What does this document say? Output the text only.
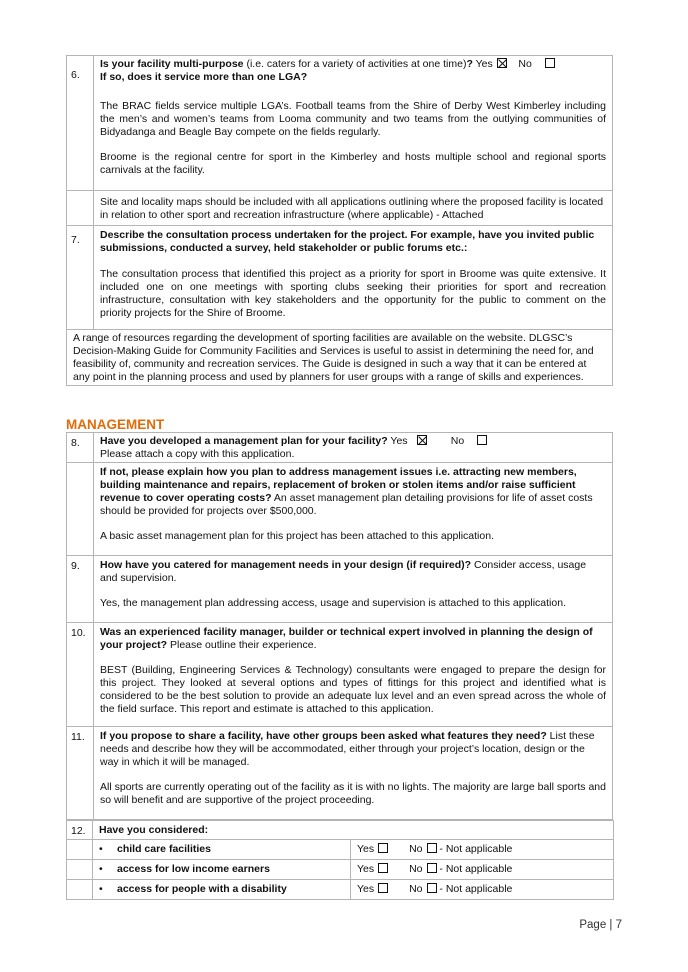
6.	Is your facility multi-purpose (i.e. caters for a variety of activities at one time)? Yes No

If so, does it service more than one LGA?

The BRAC fields service multiple LGA’s. Football teams from the Shire of Derby West Kimberley including the men’s and women’s teams from Looma community and two teams from the outlying communities of Bidyadanga and Beagle Bay compete on the fields regularly.

Broome is the regional centre for sport in the Kimberley and hosts multiple school and regional sports carnivals at the facility.

	Site and locality maps should be included with all applications outlining where the proposed facility is located in relation to other sport and recreation infrastructure (where applicable) - Attached

7.	Describe the consultation process undertaken for the project. For example, have you invited public submissions, conducted a survey, held stakeholder or public forums etc.:

The consultation process that identified this project as a priority for sport in Broome was quite extensive. It included one on one meetings with sporting clubs seeking their priorities for sport and recreation infrastructure, consultation with key stakeholders and the opportunity for the public to comment on the priority projects for the Shire of Broome.

A range of resources regarding the development of sporting facilities are available on the website. DLGSC’s Decision-Making Guide for Community Facilities and Services is useful to assist in determining the need for, and feasibility of, community and recreation services. The Guide is designed in such a way that it can be entered at any point in the planning process and used by planners for user groups with a range of skills and experiences.	
MANAGEMENT
8.	Have you developed a management plan for your facility? Yes No

Please attach a copy with this application.

	If not, please explain how you plan to address management issues i.e. attracting new members, building maintenance and repairs, replacement of broken or stolen items and/or raise sufficient revenue to cover operating costs? An asset management plan detailing provisions for life of asset costs should be provided for projects over $500,000.

A basic asset management plan for this project has been attached to this application.

9.	How have you catered for management needs in your design (if required)? Consider access, usage and supervision.

Yes, the management plan addressing access, usage and supervision is attached to this application.

10.	Was an experienced facility manager, builder or technical expert involved in planning the design of your project? Please outline their experience.

BEST (Building, Engineering Services & Technology) consultants were engaged to prepare the design for this project. They looked at several options and types of fittings for this project and identified what is considered to be the best solution to provide an adequate lux level and an even spread across the whole of the field surface. This report and estimate is attached to this application.

11.	If you propose to share a facility, have other groups been asked what features they need? List these needs and describe how they will be accommodated, either through your project’s location, design or the way in which it will be managed.

All sports are currently operating out of the facility as it is with no lights. The majority are large ball sports and so will benefit and are supportive of the project proceeding.

12.	Have you considered:	
	• child care facilities	Yes No - Not applicable
	• access for low income earners	Yes No - Not applicable
	• access for people with a disability	Yes No - Not applicable
Page | 7
